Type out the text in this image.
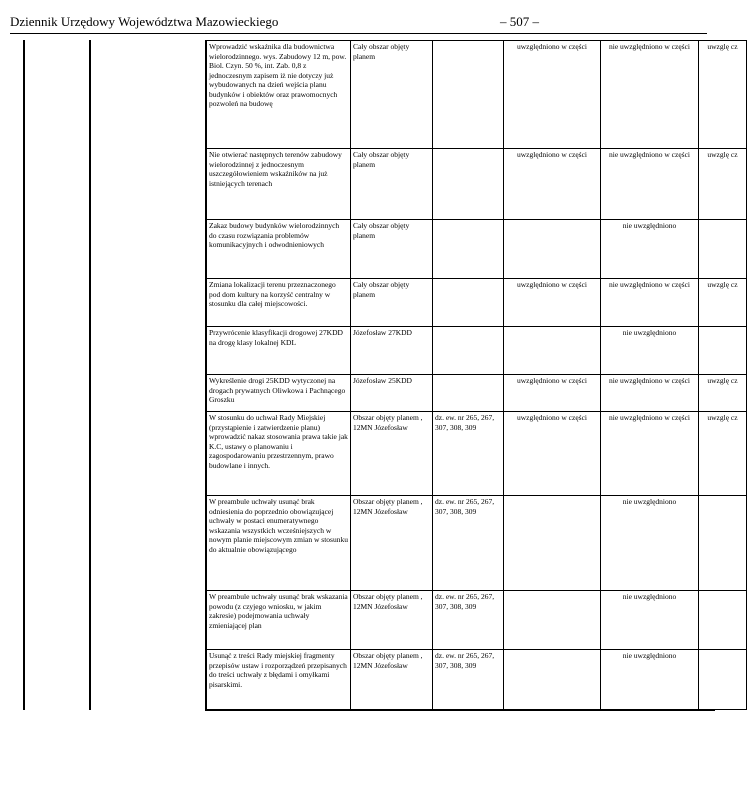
Dziennik Urzędowy Województwa Mazowieckiego	– 507 –
Wprowadzić wskaźnika dla budownictwa wielorodzinnego. wys. Zabudowy 12 m, pow. Biol. Czyn. 50 %, int. Zab. 0,8 z jednoczesnym zapisem iż nie dotyczy już wybudowanych na dzień wejścia planu budynków i obiektów oraz prawomocnych pozwoleń na budowę	Cały obszar objęty planem		uwzględniono w części	nie uwzględniono w części	uwzglę cz
Nie otwierać następnych terenów zabudowy wielorodzinnej z jednoczesnym uszczegółowieniem wskaźników na już istniejących terenach	Cały obszar objęty planem		uwzględniono w części	nie uwzględniono w części	uwzglę cz
Zakaz budowy budynków wielorodzinnych do czasu rozwiązania problemów komunikacyjnych i odwodnieniowych	Cały obszar objęty planem			nie uwzględniono	
Zmiana lokalizacji terenu przeznaczonego pod dom kultury na korzyść centralny w stosunku dla całej miejscowości.	Cały obszar objęty planem		uwzględniono w części	nie uwzględniono w części	uwzglę cz
Przywrócenie klasyfikacji drogowej 27KDD na drogę klasy lokalnej KDL	Józefosław 27KDD			nie uwzględniono	
Wykreślenie drogi 25KDD wytyczonej na drogach prywatnych Oliwkowa i Pachnącego Groszku	Józefosław 25KDD		uwzględniono w części	nie uwzględniono w części	uwzglę cz
W stosunku do uchwał Rady Miejskiej (przystąpienie i zatwierdzenie planu) wprowadzić nakaz stosowania prawa takie jak K.C, ustawy o planowaniu i zagospodarowaniu przestrzennym, prawo budowlane i innych.	Obszar objęty planem , 12MN Józefosław	dz. ew. nr 265, 267, 307, 308, 309	uwzględniono w części	nie uwzględniono w części	uwzglę cz
W preambule uchwały usunąć brak odniesienia do poprzednio obowiązującej uchwały w postaci enumeratywnego wskazania wszystkich wcześniejszych w nowym planie miejscowym zmian w stosunku do aktualnie obowiązującego	Obszar objęty planem , 12MN Józefosław	dz. ew. nr 265, 267, 307, 308, 309		nie uwzględniono	
W preambule uchwały usunąć brak wskazania powodu (z czyjego wniosku, w jakim zakresie) podejmowania uchwały zmieniającej plan	Obszar objęty planem , 12MN Józefosław	dz. ew. nr 265, 267, 307, 308, 309		nie uwzględniono	
Usunąć z treści Rady miejskiej fragmenty przepisów ustaw i rozporządzeń przepisanych do treści uchwały z błędami i omyłkami pisarskimi.	Obszar objęty planem , 12MN Józefosław	dz. ew. nr 265, 267, 307, 308, 309		nie uwzględniono	
